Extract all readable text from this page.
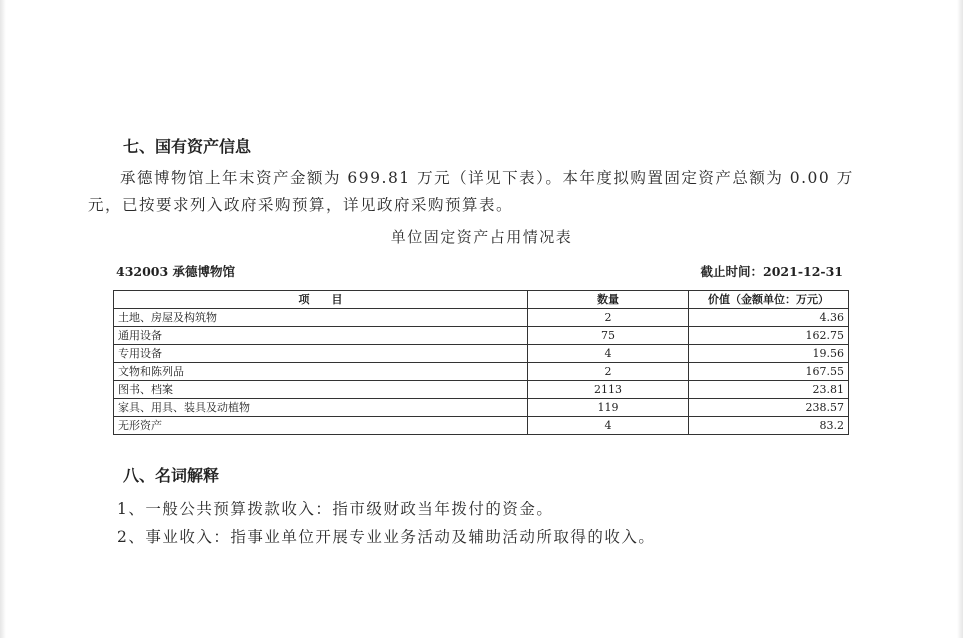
七、国有资产信息
承德博物馆上年末资产金额为 699.81 万元（详见下表）。本年度拟购置固定资产总额为 0.00 万元，已按要求列入政府采购预算，详见政府采购预算表。
单位固定资产占用情况表
432003 承德博物馆	截止时间：2021-12-31
项　　目	数量	价值（金额单位：万元）
土地、房屋及构筑物	2	4.36
通用设备	75	162.75
专用设备	4	19.56
文物和陈列品	2	167.55
图书、档案	2113	23.81
家具、用具、装具及动植物	119	238.57
无形资产	4	83.2
八、名词解释
1、一般公共预算拨款收入：指市级财政当年拨付的资金。
2、事业收入：指事业单位开展专业业务活动及辅助活动所取得的收入。
